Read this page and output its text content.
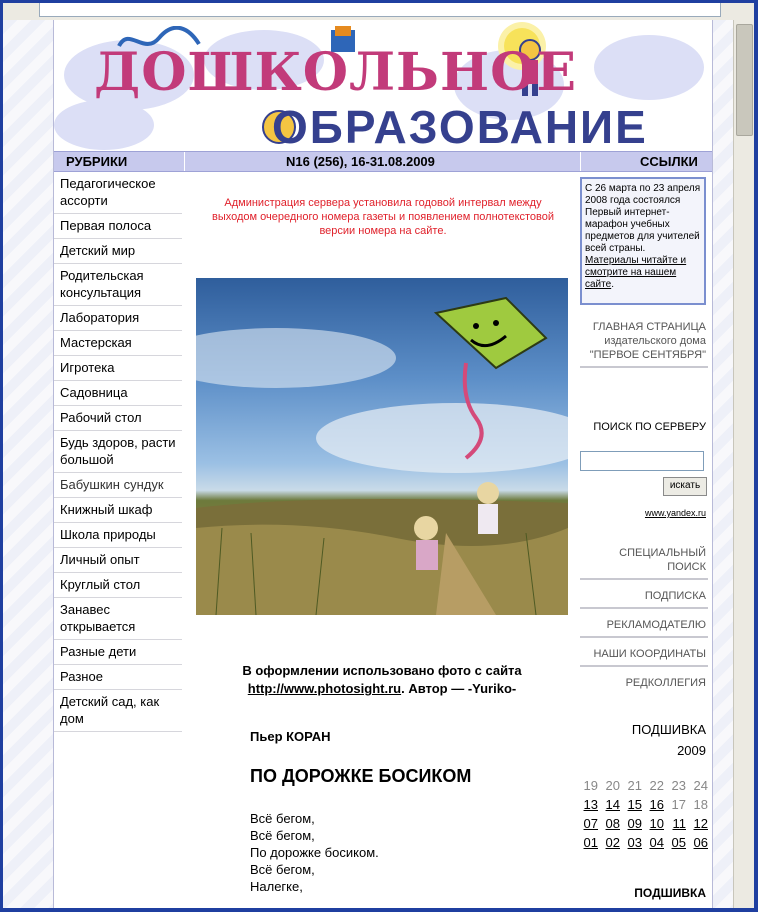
ДОШКОЛЬНОЕ
ОБРАЗОВАНИЕ
РУБРИКИ	N16 (256), 16-31.08.2009	ССЫЛКИ
Педагогическое ассорти
Первая полоса
Детский мир
Родительская консультация
Лаборатория
Мастерская
Игротека
Садовница
Рабочий стол
Будь здоров, расти большой
Бабушкин сундук
Книжный шкаф
Школа природы
Личный опыт
Круглый стол
Занавес открывается
Разные дети
Разное
Детский сад, как дом
Администрация сервера установила годовой интервал между выходом очередного номера газеты и появлением полнотекстовой версии номера на сайте.
В оформлении использовано фото с сайта
http://www.photosight.ru. Автор — -Yuriko-
Пьер КОРАН
ПО ДОРОЖКЕ БОСИКОМ
Всё бегом,
Всё бегом,
По дорожке босиком.
Всё бегом,
Налегке,
С 26 марта по 23 апреля 2008 года состоялся Первый интернет-марафон учебных предметов для учителей всей страны. Материалы читайте и смотрите на нашем сайте.
ГЛАВНАЯ СТРАНИЦА
издательского дома "ПЕРВОЕ СЕНТЯБРЯ"
ПОИСК ПО СЕРВЕРУ
искать
www.yandex.ru
СПЕЦИАЛЬНЫЙ ПОИСК
ПОДПИСКА
РЕКЛАМОДАТЕЛЮ
НАШИ КООРДИНАТЫ
РЕДКОЛЛЕГИЯ
ПОДШИВКА
2009
19 20 21 22 23 24
13 14 15 16 17 18
07 08 09 10 11 12
01 02 03 04 05 06
ПОДШИВКА
